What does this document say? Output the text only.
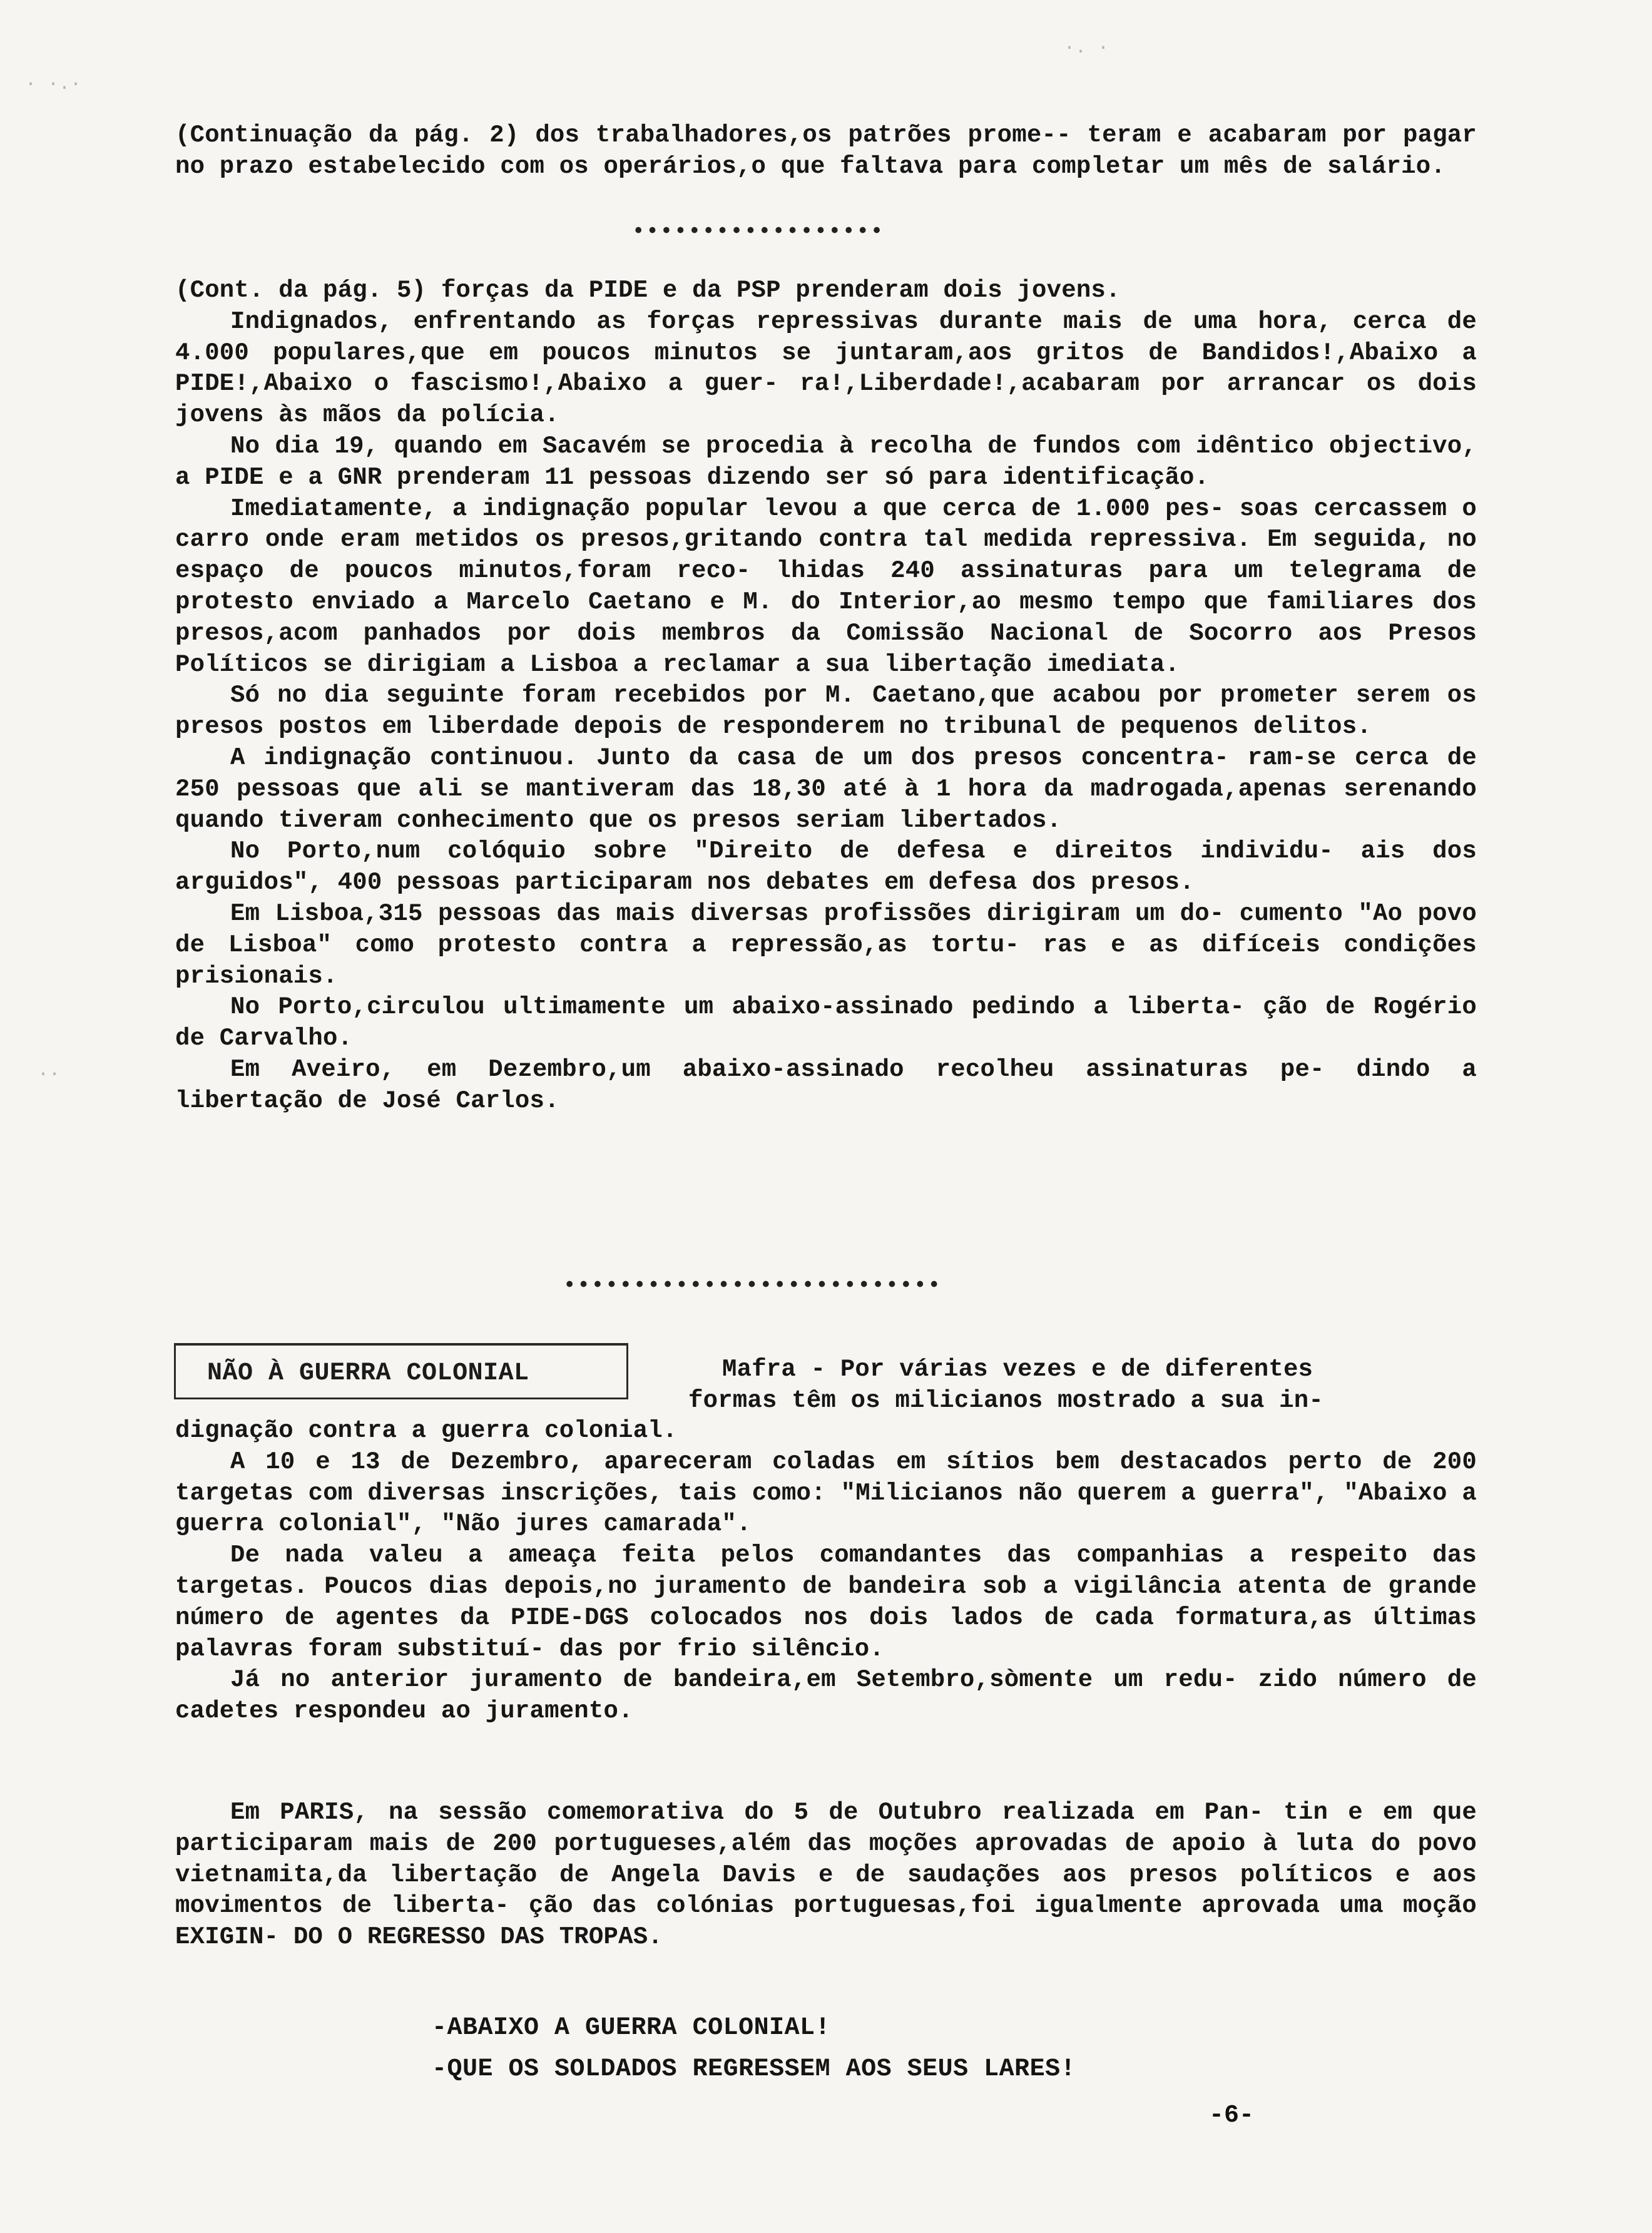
· ·.·
·. ·
··

(Continuação da pág. 2) dos trabalhadores,os patrões prome-- teram e acabaram por pagar no prazo estabelecido com os operários,o que faltava para completar um mês de salário.

••••••••••••••••••

(Cont. da pág. 5) forças da PIDE e da PSP prenderam dois jovens.

Indignados, enfrentando as forças repressivas durante mais de uma hora, cerca de 4.000 populares,que em poucos minutos se juntaram,aos gritos de Bandidos!,Abaixo a PIDE!,Abaixo o fascismo!,Abaixo a guer- ra!,Liberdade!,acabaram por arrancar os dois jovens às mãos da polícia.

No dia 19, quando em Sacavém se procedia à recolha de fundos com idêntico objectivo, a PIDE e a GNR prenderam 11 pessoas dizendo ser só para identificação.

Imediatamente, a indignação popular levou a que cerca de 1.000 pes- soas cercassem o carro onde eram metidos os presos,gritando contra tal medida repressiva. Em seguida, no espaço de poucos minutos,foram reco- lhidas 240 assinaturas para um telegrama de protesto enviado a Marcelo Caetano e M. do Interior,ao mesmo tempo que familiares dos presos,acom panhados por dois membros da Comissão Nacional de Socorro aos Presos Políticos se dirigiam a Lisboa a reclamar a sua libertação imediata.

Só no dia seguinte foram recebidos por M. Caetano,que acabou por prometer serem os presos postos em liberdade depois de responderem no tribunal de pequenos delitos.

A indignação continuou. Junto da casa de um dos presos concentra- ram-se cerca de 250 pessoas que ali se mantiveram das 18,30 até à 1 hora da madrogada,apenas serenando quando tiveram conhecimento que os presos seriam libertados.

No Porto,num colóquio sobre "Direito de defesa e direitos individu- ais dos arguidos", 400 pessoas participaram nos debates em defesa dos presos.

Em Lisboa,315 pessoas das mais diversas profissões dirigiram um do- cumento "Ao povo de Lisboa" como protesto contra a repressão,as tortu- ras e as difíceis condições prisionais.

No Porto,circulou ultimamente um abaixo-assinado pedindo a liberta- ção de Rogério de Carvalho.

Em Aveiro, em Dezembro,um abaixo-assinado recolheu assinaturas pe- dindo a libertação de José Carlos.

•••••••••••••••••••••••••••
NÃO À GUERRA COLONIAL	Mafra - Por várias vezes e de diferentes

formas têm os milicianos mostrado a sua in-

dignação contra a guerra colonial.

A 10 e 13 de Dezembro, apareceram coladas em sítios bem destacados perto de 200 targetas com diversas inscrições, tais como: "Milicianos não querem a guerra", "Abaixo a guerra colonial", "Não jures camarada".

De nada valeu a ameaça feita pelos comandantes das companhias a respeito das targetas. Poucos dias depois,no juramento de bandeira sob a vigilância atenta de grande número de agentes da PIDE-DGS colocados nos dois lados de cada formatura,as últimas palavras foram substituí- das por frio silêncio.

Já no anterior juramento de bandeira,em Setembro,sòmente um redu- zido número de cadetes respondeu ao juramento.

Em PARIS, na sessão comemorativa do 5 de Outubro realizada em Pan- tin e em que participaram mais de 200 portugueses,além das moções aprovadas de apoio à luta do povo vietnamita,da libertação de Angela Davis e de saudações aos presos políticos e aos movimentos de liberta- ção das colónias portuguesas,foi igualmente aprovada uma moção EXIGIN- DO O REGRESSO DAS TROPAS.

-ABAIXO A GUERRA COLONIAL!
-QUE OS SOLDADOS REGRESSEM AOS SEUS LARES!
-6-
